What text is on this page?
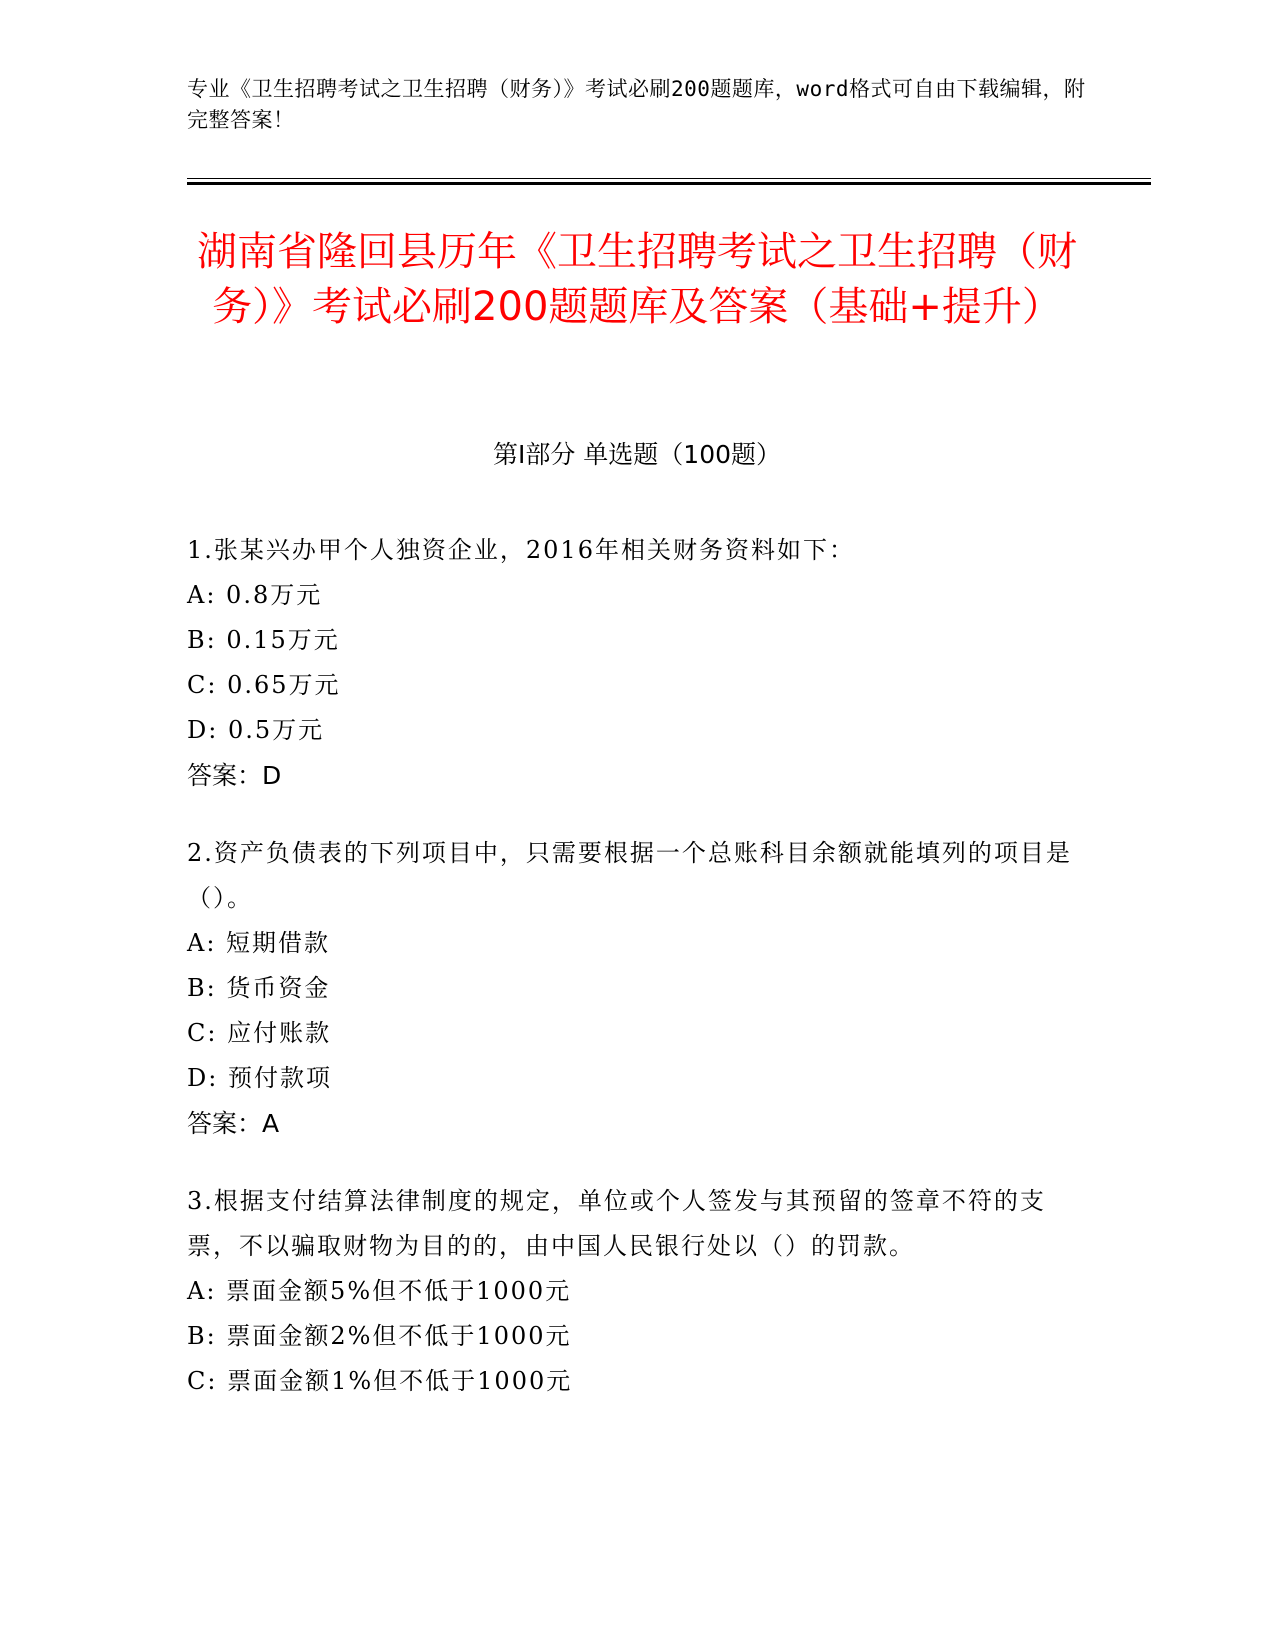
专业《卫生招聘考试之卫生招聘（财务）》考试必刷200题题库，word格式可自由下载编辑，附完整答案！
湖南省隆回县历年《卫生招聘考试之卫生招聘（财务）》考试必刷200题题库及答案（基础+提升）
第I部分 单选题（100题）
1.张某兴办甲个人独资企业，2016年相关财务资料如下：
A: 0.8万元
B: 0.15万元
C: 0.65万元
D: 0.5万元
答案：D
2.资产负债表的下列项目中，只需要根据一个总账科目余额就能填列的项目是（）。
A: 短期借款
B: 货币资金
C: 应付账款
D: 预付款项
答案：A
3.根据支付结算法律制度的规定，单位或个人签发与其预留的签章不符的支票，不以骗取财物为目的的，由中国人民银行处以（）的罚款。
A: 票面金额5%但不低于1000元
B: 票面金额2%但不低于1000元
C: 票面金额1%但不低于1000元
